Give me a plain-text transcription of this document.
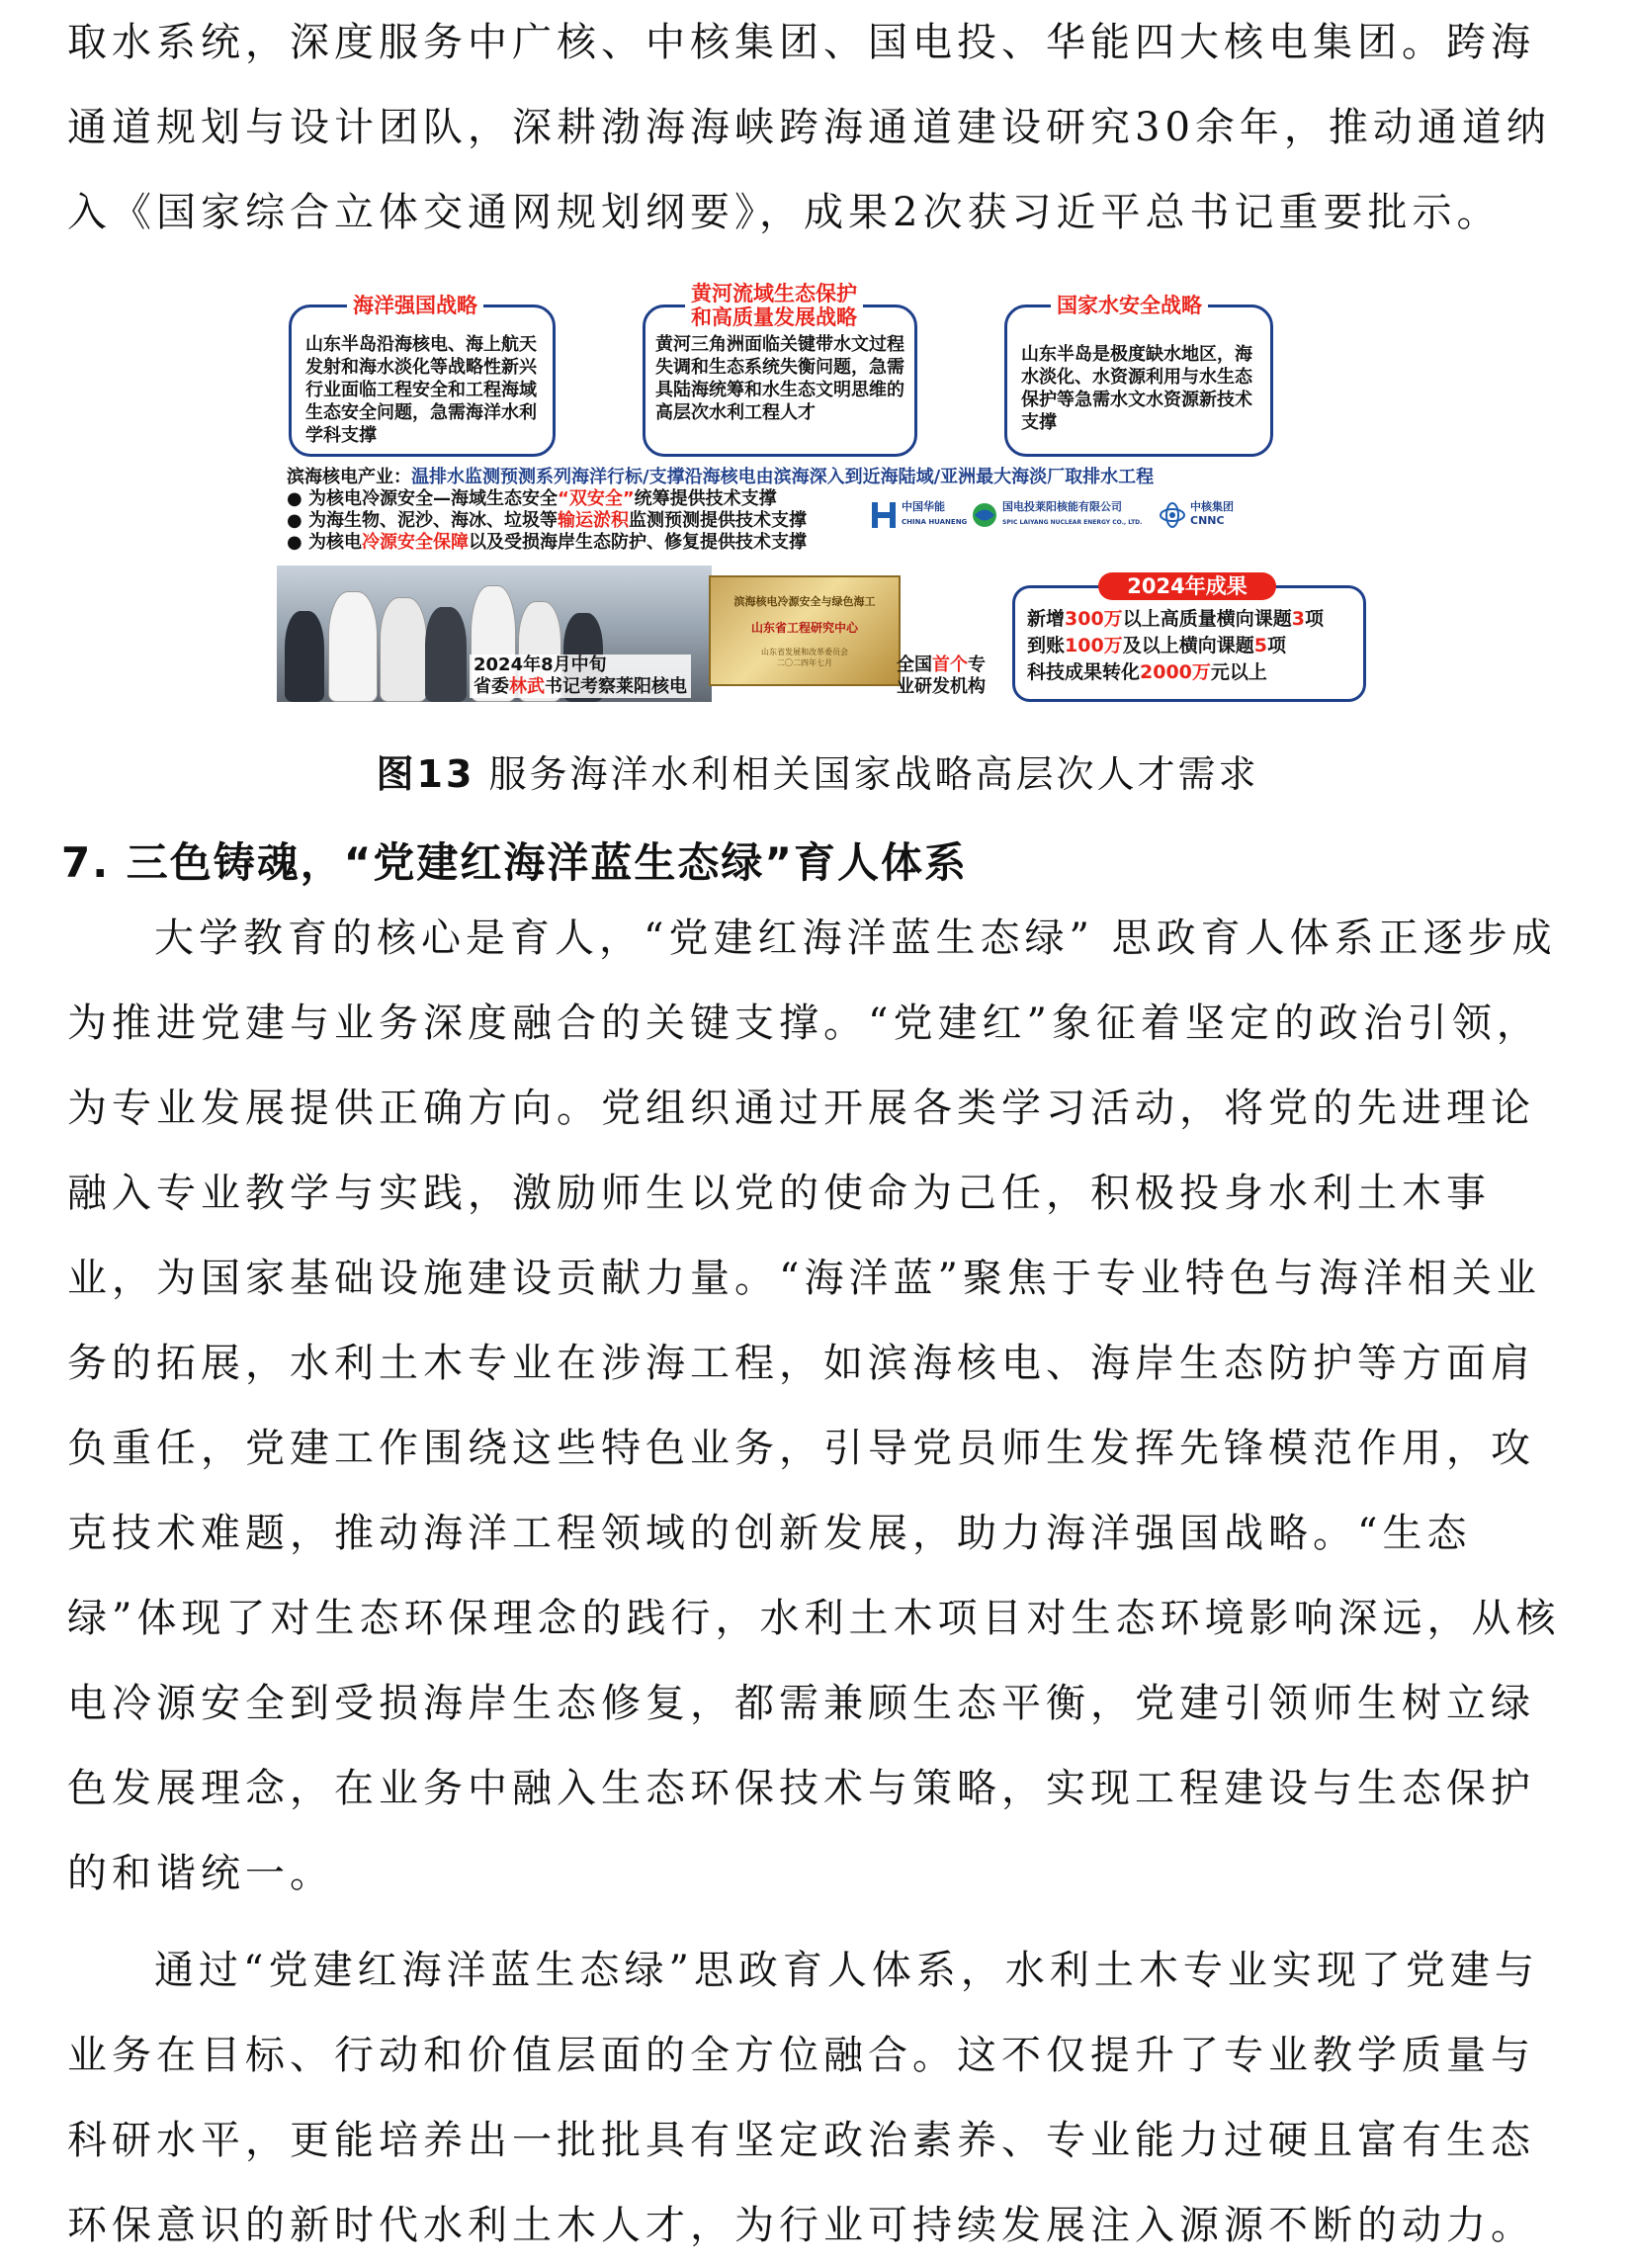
取水系统，深度服务中广核、中核集团、国电投、华能四大核电集团。跨海通道规划与设计团队，深耕渤海海峡跨海通道建设研究30余年，推动通道纳入《国家综合立体交通网规划纲要》，成果2次获习近平总书记重要批示。

海洋强国战略
山东半岛沿海核电、海上航天发射和海水淡化等战略性新兴行业面临工程安全和工程海域生态安全问题，急需海洋水利学科支撑
黄河流域生态保护
和高质量发展战略
黄河三角洲面临关键带水文过程失调和生态系统失衡问题，急需具陆海统筹和水生态文明思维的高层次水利工程人才
国家水安全战略
山东半岛是极度缺水地区，海水淡化、水资源利用与水生态保护等急需水文水资源新技术支撑
滨海核电产业：温排水监测预测系列海洋行标/支撑沿海核电由滨海深入到近海陆域/亚洲最大海淡厂取排水工程
● 为核电冷源安全—海域生态安全“双安全”统筹提供技术支撑
● 为海生物、泥沙、海冰、垃圾等输运淤积监测预测提供技术支撑
● 为核电冷源安全保障以及受损海岸生态防护、修复提供技术支撑
中国华能
CHINA HUANENG
国电投莱阳核能有限公司
SPIC LAIYANG NUCLEAR ENERGY CO., LTD.
中核集团
CNNC
2024年8月中旬
省委林武书记考察莱阳核电
滨海核电冷源安全与绿色海工
山东省工程研究中心
山东省发展和改革委员会
二〇二四年七月	全国首个专
业研发机构
2024年成果
新增300万以上高质量横向课题3项
到账100万及以上横向课题5项
科技成果转化2000万元以上
图13 服务海洋水利相关国家战略高层次人才需求
7. 三色铸魂，“党建红海洋蓝生态绿”育人体系

大学教育的核心是育人，“党建红海洋蓝生态绿” 思政育人体系正逐步成为推进党建与业务深度融合的关键支撑。“党建红”象征着坚定的政治引领，为专业发展提供正确方向。党组织通过开展各类学习活动，将党的先进理论融入专业教学与实践，激励师生以党的使命为己任，积极投身水利土木事业，为国家基础设施建设贡献力量。“海洋蓝”聚焦于专业特色与海洋相关业务的拓展，水利土木专业在涉海工程，如滨海核电、海岸生态防护等方面肩负重任，党建工作围绕这些特色业务，引导党员师生发挥先锋模范作用，攻克技术难题，推动海洋工程领域的创新发展，助力海洋强国战略。“生态绿”体现了对生态环保理念的践行，水利土木项目对生态环境影响深远，从核电冷源安全到受损海岸生态修复，都需兼顾生态平衡，党建引领师生树立绿色发展理念，在业务中融入生态环保技术与策略，实现工程建设与生态保护的和谐统一。

通过“党建红海洋蓝生态绿”思政育人体系，水利土木专业实现了党建与业务在目标、行动和价值层面的全方位融合。这不仅提升了专业教学质量与科研水平，更能培养出一批批具有坚定政治素养、专业能力过硬且富有生态环保意识的新时代水利土木人才，为行业可持续发展注入源源不断的动力。
